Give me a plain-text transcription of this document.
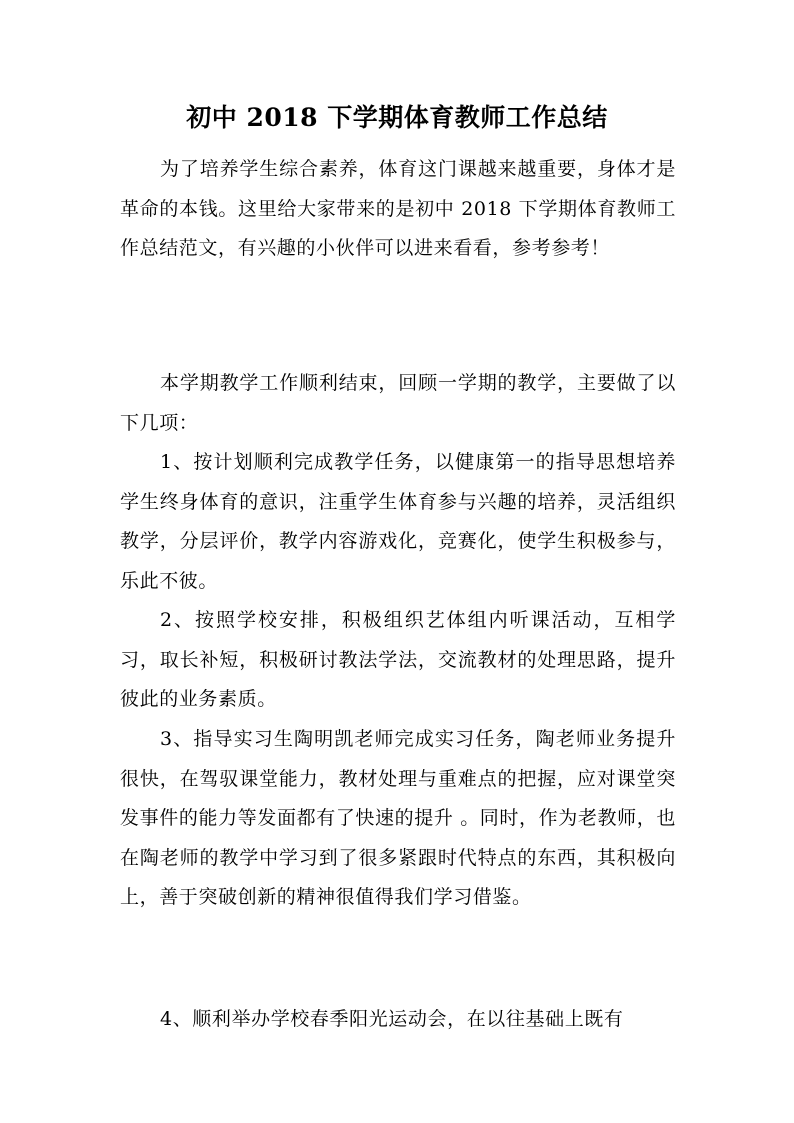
初中 2018 下学期体育教师工作总结

为了培养学生综合素养，体育这门课越来越重要，身体才是革命的本钱。这里给大家带来的是初中 2018 下学期体育教师工作总结范文，有兴趣的小伙伴可以进来看看，参考参考！

本学期教学工作顺利结束，回顾一学期的教学，主要做了以下几项：

1、按计划顺利完成教学任务，以健康第一的指导思想培养学生终身体育的意识，注重学生体育参与兴趣的培养，灵活组织教学，分层评价，教学内容游戏化，竞赛化，使学生积极参与，乐此不彼。

2、按照学校安排，积极组织艺体组内听课活动，互相学习，取长补短，积极研讨教法学法，交流教材的处理思路，提升彼此的业务素质。

3、指导实习生陶明凯老师完成实习任务，陶老师业务提升很快，在驾驭课堂能力，教材处理与重难点的把握，应对课堂突发事件的能力等发面都有了快速的提升 。同时，作为老教师，也在陶老师的教学中学习到了很多紧跟时代特点的东西，其积极向上，善于突破创新的精神很值得我们学习借鉴。

4、顺利举办学校春季阳光运动会，在以往基础上既有
